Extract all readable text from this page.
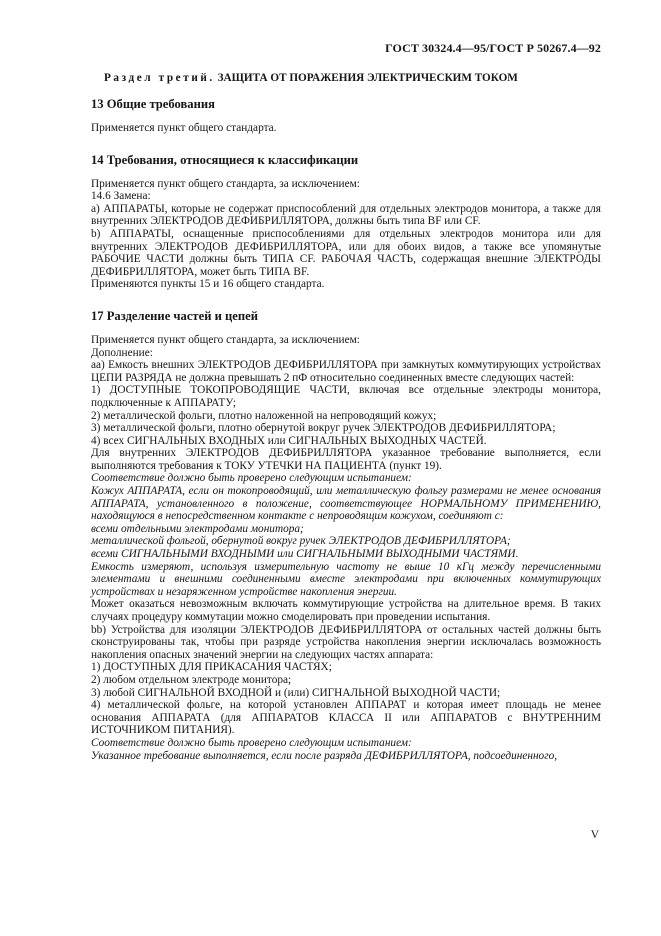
ГОСТ 30324.4—95/ГОСТ Р 50267.4—92
Раздел третий. ЗАЩИТА ОТ ПОРАЖЕНИЯ ЭЛЕКТРИЧЕСКИМ ТОКОМ
13 Общие требования

Применяется пункт общего стандарта.

14 Требования, относящиеся к классификации

Применяется пункт общего стандарта, за исключением:

14.6 Замена:

а) АППАРАТЫ, которые не содержат приспособлений для отдельных электродов монитора, а также для внутренних ЭЛЕКТРОДОВ ДЕФИБРИЛЛЯТОРА, должны быть типа BF или CF.

b) АППАРАТЫ, оснащенные приспособлениями для отдельных электродов монитора или для внутренних ЭЛЕКТРОДОВ ДЕФИБРИЛЛЯТОРА, или для обоих видов, а также все упомянутые РАБОЧИЕ ЧАСТИ должны быть ТИПА CF. РАБОЧАЯ ЧАСТЬ, содержащая внешние ЭЛЕКТРОДЫ ДЕФИБРИЛЛЯТОРА, может быть ТИПА BF.

Применяются пункты 15 и 16 общего стандарта.

17 Разделение частей и цепей

Применяется пункт общего стандарта, за исключением:

Дополнение:

аа) Емкость внешних ЭЛЕКТРОДОВ ДЕФИБРИЛЛЯТОРА при замкнутых коммутирующих устройствах ЦЕПИ РАЗРЯДА не должна превышать 2 пФ относительно соединенных вместе следующих частей:

1) ДОСТУПНЫЕ ТОКОПРОВОДЯЩИЕ ЧАСТИ, включая все отдельные электроды монитора, подключенные к АППАРАТУ;

2) металлической фольги, плотно наложенной на непроводящий кожух;

3) металлической фольги, плотно обернутой вокруг ручек ЭЛЕКТРОДОВ ДЕФИБРИЛЛЯТОРА;

4) всех СИГНАЛЬНЫХ ВХОДНЫХ или СИГНАЛЬНЫХ ВЫХОДНЫХ ЧАСТЕЙ.

Для внутренних ЭЛЕКТРОДОВ ДЕФИБРИЛЛЯТОРА указанное требование выполняется, если выполняются требования к ТОКУ УТЕЧКИ НА ПАЦИЕНТА (пункт 19).

Соответствие должно быть проверено следующим испытанием:

Кожух АППАРАТА, если он токопроводящий, или металлическую фольгу размерами не менее основания АППАРАТА, установленного в положение, соответствующее НОРМАЛЬНОМУ ПРИМЕНЕНИЮ, находящуюся в непосредственном контакте с непроводящим кожухом, соединяют с:

всеми отдельными электродами монитора;

металлической фольгой, обернутой вокруг ручек ЭЛЕКТРОДОВ ДЕФИБРИЛЛЯТОРА;

всеми СИГНАЛЬНЫМИ ВХОДНЫМИ или СИГНАЛЬНЫМИ ВЫХОДНЫМИ ЧАСТЯМИ.

Емкость измеряют, используя измерительную частоту не выше 10 кГц между перечисленными элементами и внешними соединенными вместе электродами при включенных коммутирующих устройствах и незаряженном устройстве накопления энергии.

Может оказаться невозможным включать коммутирующие устройства на длительное время. В таких случаях процедуру коммутации можно смоделировать при проведении испытания.

bb) Устройства для изоляции ЭЛЕКТРОДОВ ДЕФИБРИЛЛЯТОРА от остальных частей должны быть сконструированы так, чтобы при разряде устройства накопления энергии исключалась возможность накопления опасных значений энергии на следующих частях аппарата:

1) ДОСТУПНЫХ ДЛЯ ПРИКАСАНИЯ ЧАСТЯХ;

2) любом отдельном электроде монитора;

3) любой СИГНАЛЬНОЙ ВХОДНОЙ и (или) СИГНАЛЬНОЙ ВЫХОДНОЙ ЧАСТИ;

4) металлической фольге, на которой установлен АППАРАТ и которая имеет площадь не менее основания АППАРАТА (для АППАРАТОВ КЛАССА II или АППАРАТОВ с ВНУТРЕННИМ ИСТОЧНИКОМ ПИТАНИЯ).

Соответствие должно быть проверено следующим испытанием:

Указанное требование выполняется, если после разряда ДЕФИБРИЛЛЯТОРА, подсоединенного,

V
